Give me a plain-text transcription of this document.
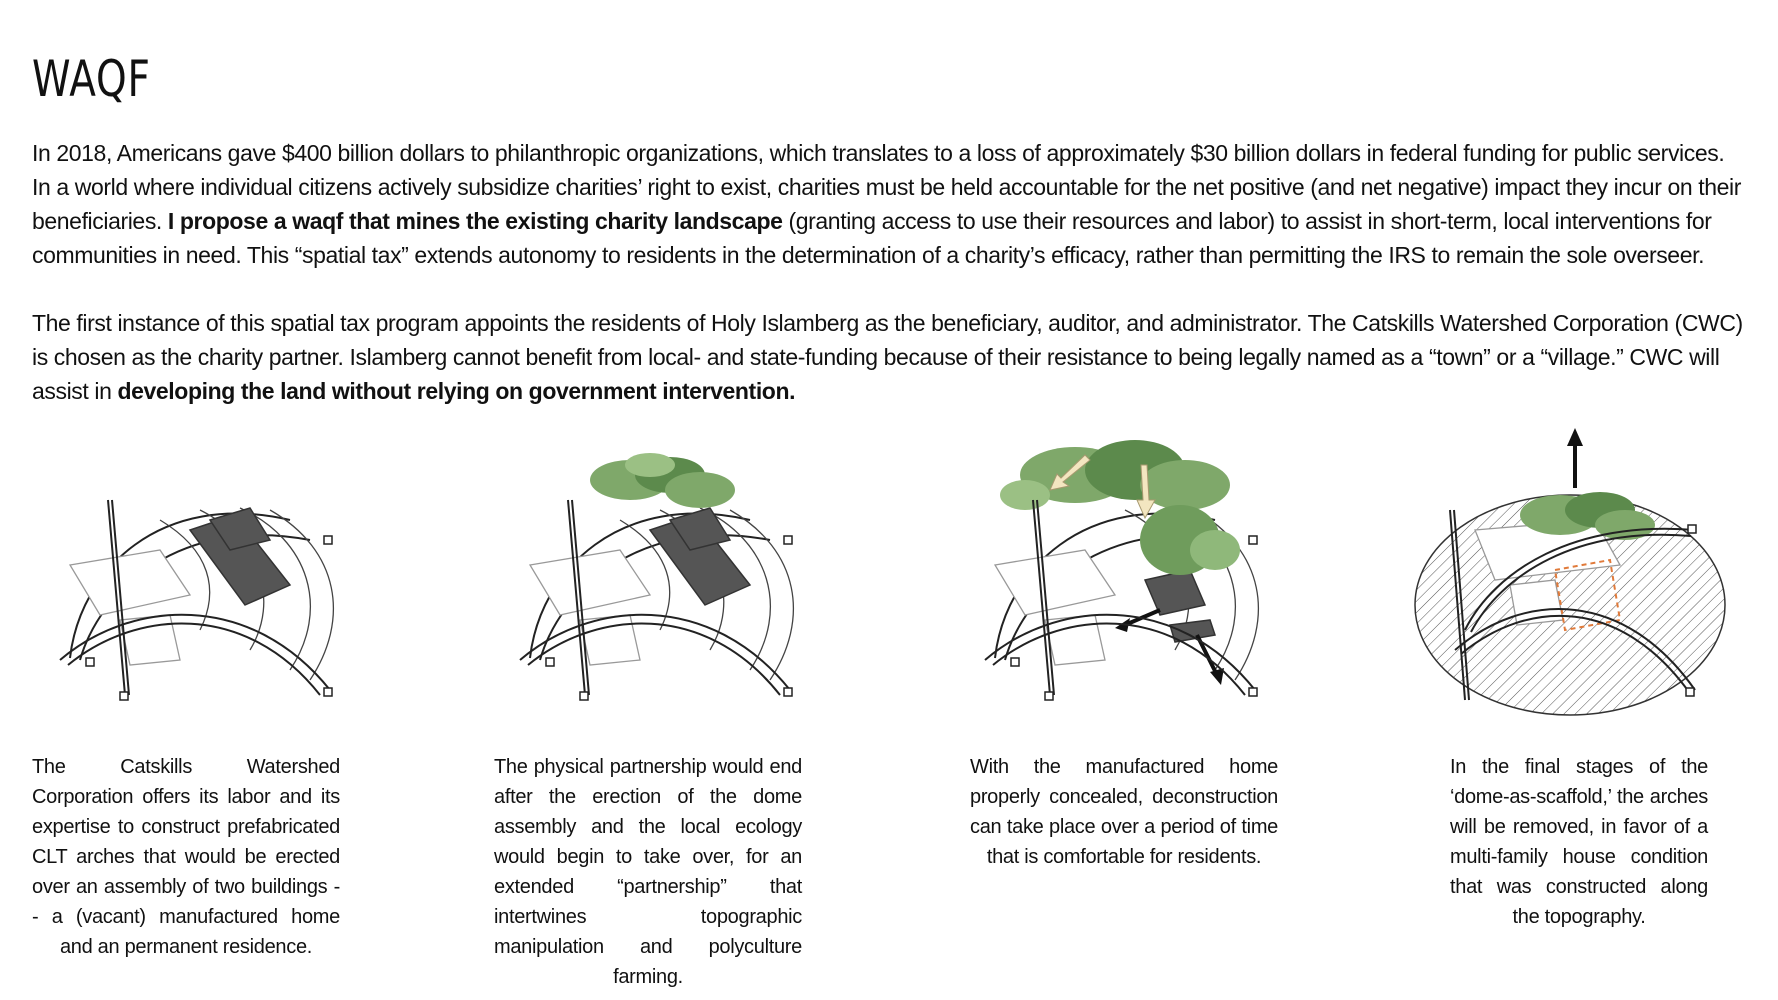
WAQF

In 2018, Americans gave $400 billion dollars to philanthropic organizations, which translates to a loss of approximately $30 billion dollars in federal funding for public services. In a world where individual citizens actively subsidize charities’ right to exist, charities must be held accountable for the net positive (and net negative) impact they incur on their beneficiaries. I propose a waqf that mines the existing charity landscape (granting access to use their resources and labor) to assist in short-term, local interventions for communities in need. This “spatial tax” extends autonomy to residents in the determination of a charity’s efficacy, rather than permitting the IRS to remain the sole overseer.

The first instance of this spatial tax program appoints the residents of Holy Islamberg as the beneficiary, auditor, and administrator. The Catskills Watershed Corporation (CWC) is chosen as the charity partner. Islamberg cannot benefit from local- and state-funding because of their resistance to being legally named as a “town” or a “village.” CWC will assist in developing the land without relying on government intervention.

The Catskills Watershed Corporation offers its labor and its expertise to construct prefabricated CLT arches that would be erected over an assembly of two buildings -- a (vacant) manufactured home and an permanent residence.
The physical partnership would end after the erection of the dome assembly and the local ecology would begin to take over, for an extended “partnership” that intertwines topographic manipulation and polyculture farming.
With the manufactured home properly concealed, deconstruction can take place over a period of time that is comfortable for residents.
In the final stages of the ‘dome-as-scaffold,’ the arches will be removed, in favor of a multi-family house condition that was constructed along the topography.
